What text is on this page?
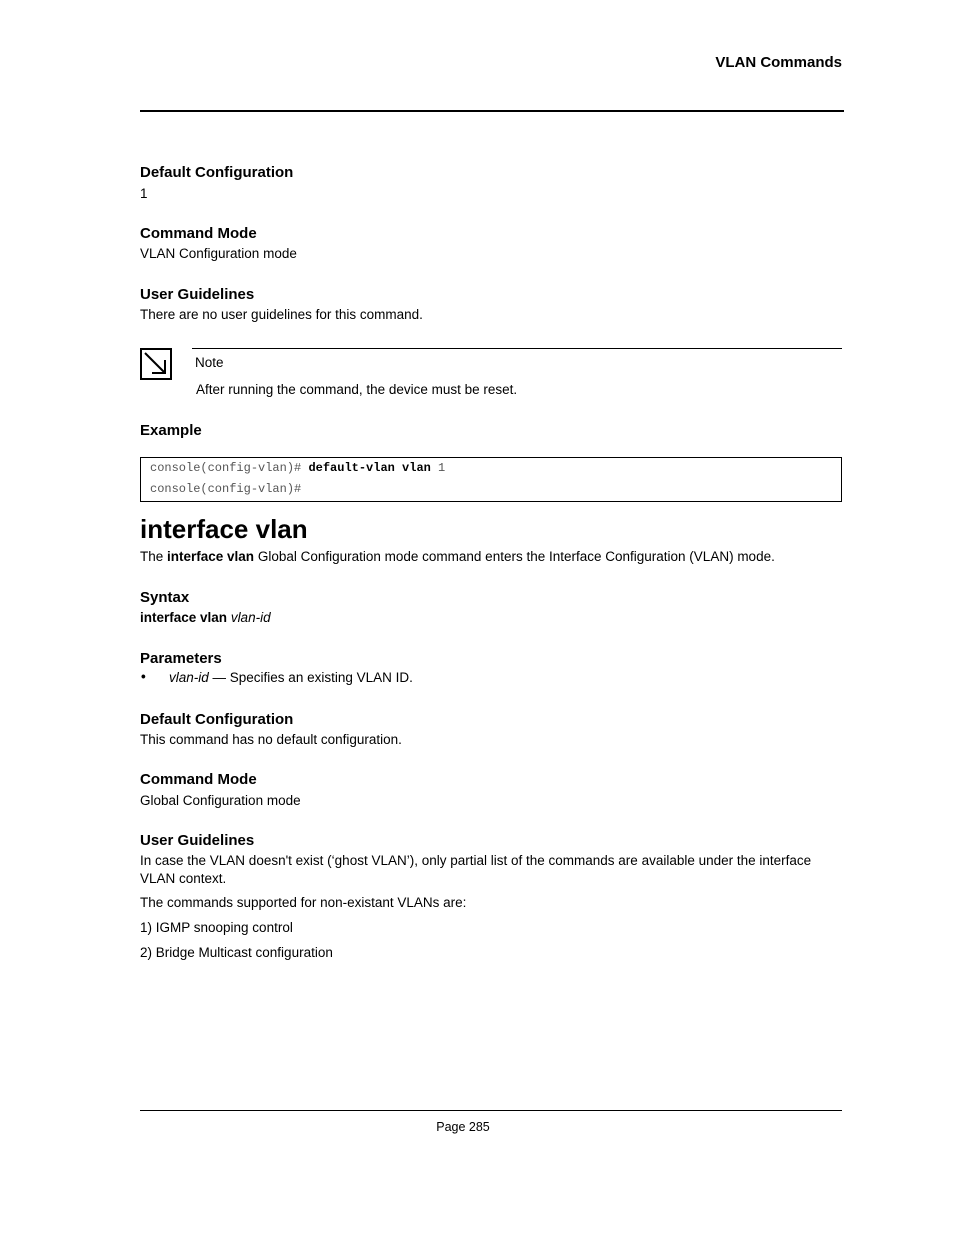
VLAN Commands
Default Configuration
1
Command Mode
VLAN Configuration mode
User Guidelines
There are no user guidelines for this command.
Note
After running the command, the device must be reset.
Example
console(config-vlan)# default-vlan vlan 1
console(config-vlan)#
interface vlan
The interface vlan Global Configuration mode command enters the Interface Configuration (VLAN) mode.
Syntax
interface vlan vlan-id
Parameters
• vlan-id — Specifies an existing VLAN ID.
Default Configuration
This command has no default configuration.
Command Mode
Global Configuration mode
User Guidelines
In case the VLAN doesn't exist (‘ghost VLAN’), only partial list of the commands are available under the interface VLAN context.
The commands supported for non-existant VLANs are:
1) IGMP snooping control
2) Bridge Multicast configuration
Page 285
